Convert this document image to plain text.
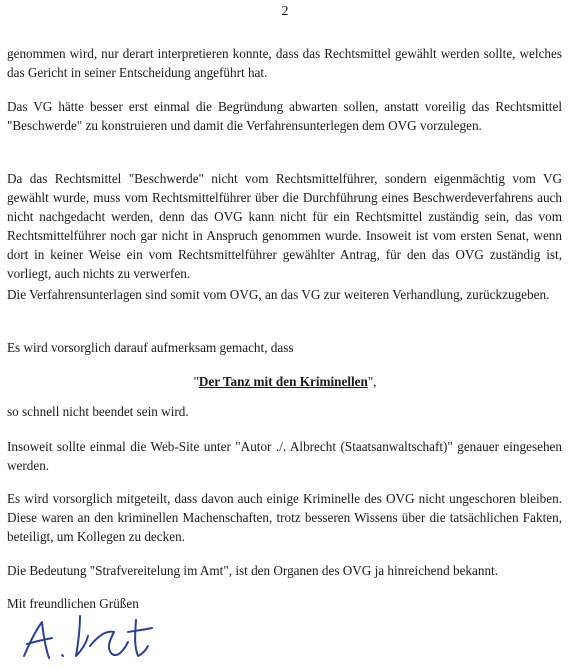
2

genommen wird, nur derart interpretieren konnte, dass das Rechtsmittel gewählt werden sollte, welches das Gericht in seiner Entscheidung angeführt hat.

Das VG hätte besser erst einmal die Begründung abwarten sollen, anstatt voreilig das Rechtsmittel "Beschwerde" zu konstruieren und damit die Verfahrensunterlegen dem OVG vorzulegen.

Da das Rechtsmittel "Beschwerde" nicht vom Rechtsmittelführer, sondern eigenmächtig vom VG gewählt wurde, muss vom Rechtsmittelführer über die Durchführung eines Beschwerdeverfahrens auch nicht nachgedacht werden, denn das OVG kann nicht für ein Rechtsmittel zuständig sein, das vom Rechtsmittelführer noch gar nicht in Anspruch genommen wurde. Insoweit ist vom ersten Senat, wenn dort in keiner Weise ein vom Rechtsmittelführer gewählter Antrag, für den das OVG zuständig ist, vorliegt, auch nichts zu verwerfen.

Die Verfahrensunterlagen sind somit vom OVG, an das VG zur weiteren Verhandlung, zurückzugeben.

Es wird vorsorglich darauf aufmerksam gemacht, dass

"Der Tanz mit den Kriminellen",

so schnell nicht beendet sein wird.

Insoweit sollte einmal die Web-Site unter "Autor ./. Albrecht (Staatsanwaltschaft)" genauer eingesehen werden.

Es wird vorsorglich mitgeteilt, dass davon auch einige Kriminelle des OVG nicht ungeschoren bleiben. Diese waren an den kriminellen Machenschaften, trotz besseren Wissens über die tatsächlichen Fakten, beteiligt, um Kollegen zu decken.

Die Bedeutung "Strafvereitelung im Amt", ist den Organen des OVG ja hinreichend bekannt.

Mit freundlichen Grüßen
